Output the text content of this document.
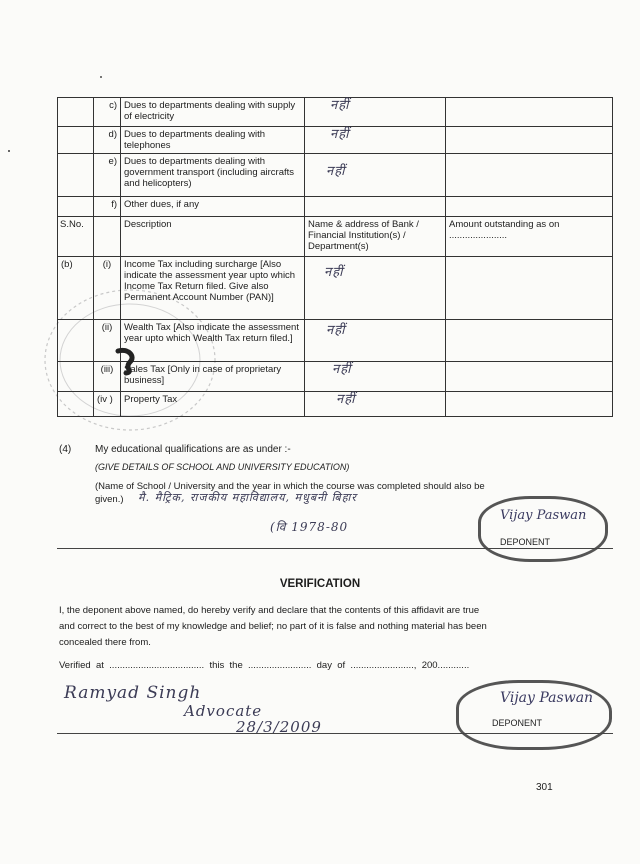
	c)	Dues to departments dealing with supply of electricity	नहीं	
	d)	Dues to departments dealing with telephones	नहीं	
	e)	Dues to departments dealing with government transport (including aircrafts and helicopters)	नहीं	
	f)	Other dues, if any		
S.No.		Description	Name & address of Bank / Financial Institution(s) / Department(s)	Amount outstanding as on ......................
(b)	(i)	Income Tax including surcharge [Also indicate the assessment year upto which Income Tax Return filed. Give also Permanent Account Number (PAN)]	नहीं	
	(ii)	Wealth Tax [Also indicate the assessment year upto which Wealth Tax return filed.]	नहीं	
	(iii)	Sales Tax [Only in case of proprietary business]	नहीं	
	(iv )	Property Tax	नहीं	
(4) My educational qualifications are as under :-
(GIVE DETAILS OF SCHOOL AND UNIVERSITY EDUCATION)
(Name of School / University and the year in which the course was completed should also be
given.) मै. मैट्रिक, राजकीय महाविद्यालय, मधुबनी बिहार
(वि 1978-80
Vijay Paswan
DEPONENT
VERIFICATION
I, the deponent above named, do hereby verify and declare that the contents of this affidavit are true
and correct to the best of my knowledge and belief; no part of it is false and nothing material has been
concealed there from.
Verified  at  ....................................  this  the  ........................  day  of  ........................,  200............
Ramyad Singh
Advocate
28/3/2009
Vijay Paswan
DEPONENT
301
